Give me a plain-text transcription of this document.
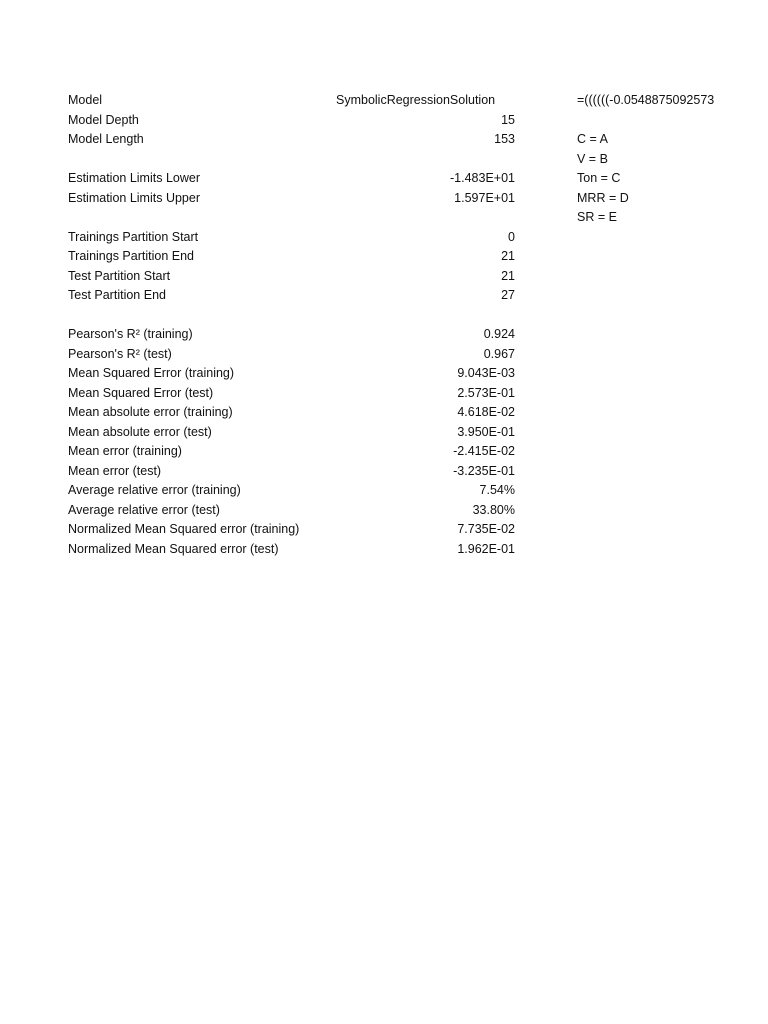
Model	SymbolicRegressionSolution
Model Depth	15
Model Length	153
Estimation Limits Lower	-1.483E+01
Estimation Limits Upper	1.597E+01
Trainings Partition Start	0
Trainings Partition End	21
Test Partition Start	21
Test Partition End	27
Pearson's R² (training)	0.924
Pearson's R² (test)	0.967
Mean Squared Error (training)	9.043E-03
Mean Squared Error (test)	2.573E-01
Mean absolute error (training)	4.618E-02
Mean absolute error (test)	3.950E-01
Mean error (training)	-2.415E-02
Mean error (test)	-3.235E-01
Average relative error (training)	7.54%
Average relative error (test)	33.80%
Normalized Mean Squared error (training)	7.735E-02
Normalized Mean Squared error (test)	1.962E-01
=((((((-0.0548875092573
C = A
V = B
Ton = C
MRR = D
SR = E
